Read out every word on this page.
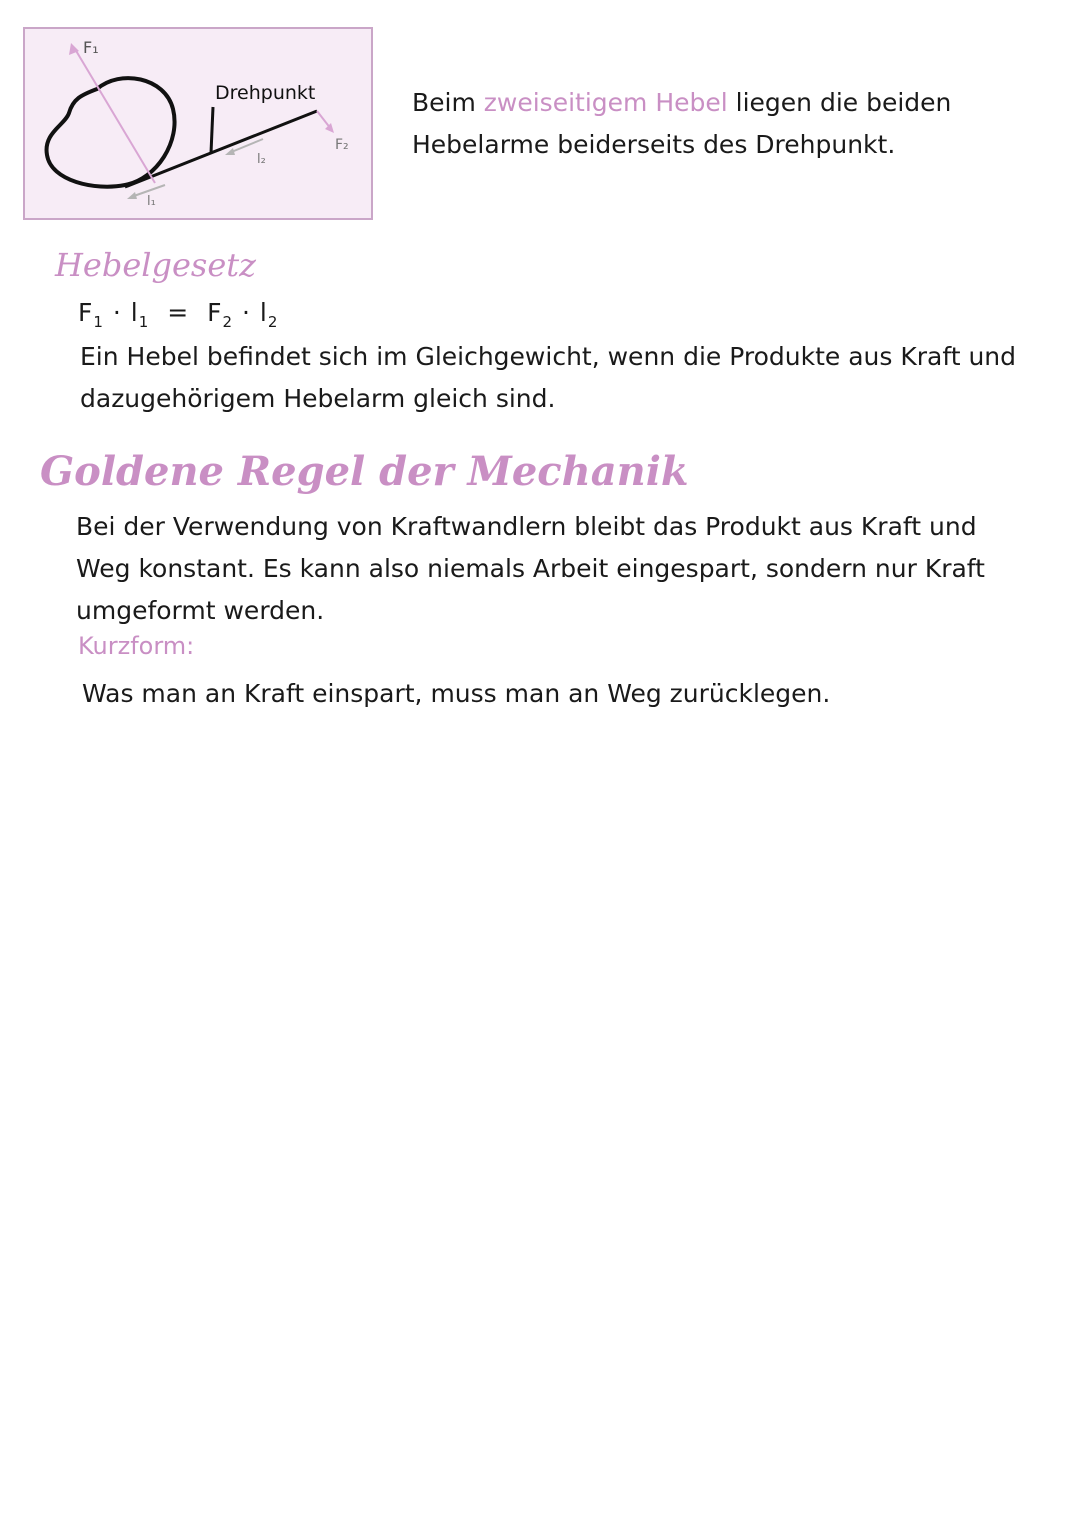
Drehpunkt
F₁
F₂
l₁
l₂
Beim zweiseitigem Hebel liegen die beiden Hebelarme beiderseits des Drehpunkt.
Hebelgesetz
$F_1 \cdot l_1 = F_2 \cdot l_2$
Ein Hebel befindet sich im Gleichgewicht, wenn die Produkte aus Kraft und dazugehörigem Hebelarm gleich sind.
Goldene Regel der Mechanik
Bei der Verwendung von Kraftwandlern bleibt das Produkt aus Kraft und Weg konstant. Es kann also niemals Arbeit eingespart, sondern nur Kraft umgeformt werden.
Kurzform:
Was man an Kraft einspart, muss man an Weg zurücklegen.
